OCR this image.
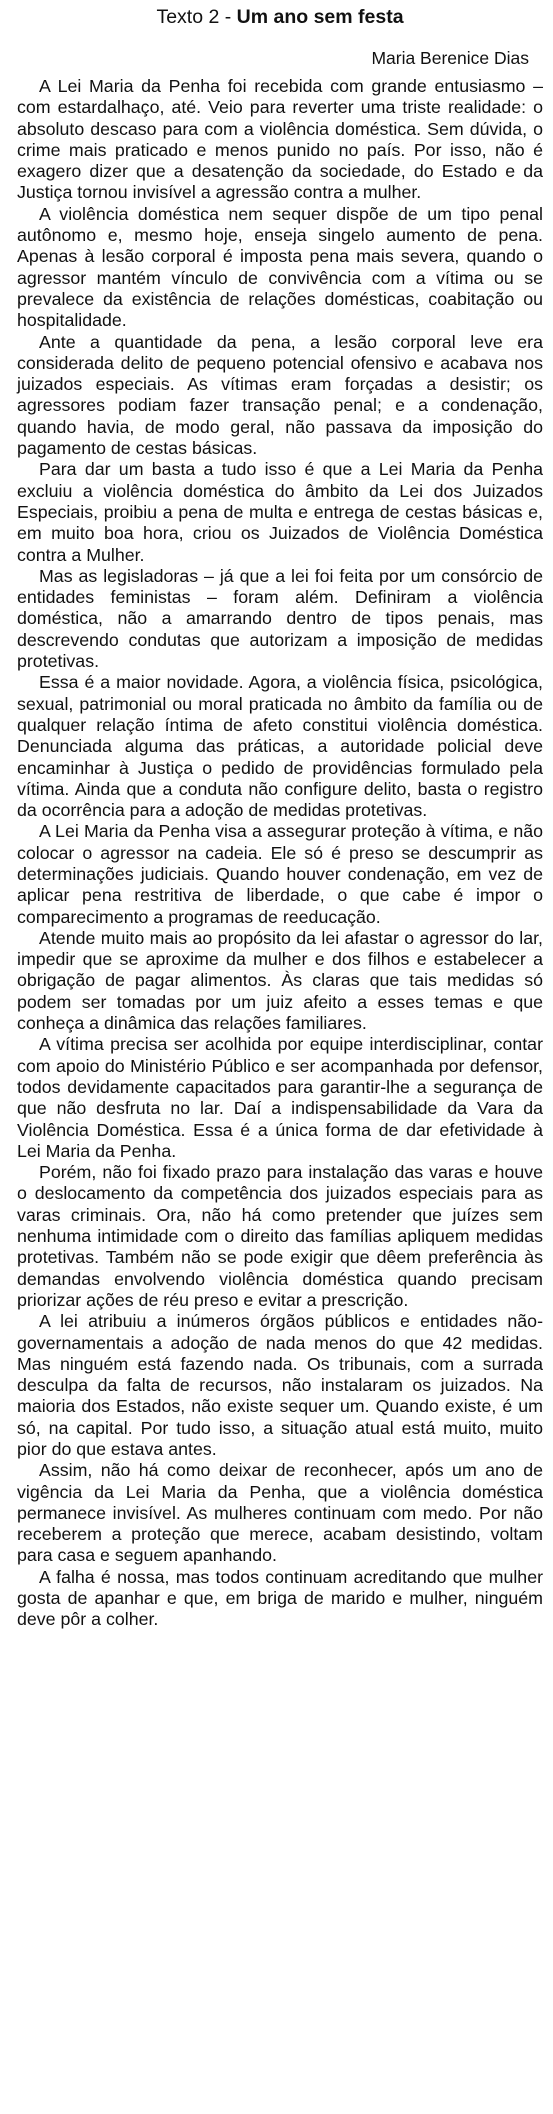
Texto 2 - Um ano sem festa

Maria Berenice Dias

A Lei Maria da Penha foi recebida com grande entusiasmo – com estardalhaço, até. Veio para reverter uma triste realidade: o absoluto descaso para com a violência doméstica. Sem dúvida, o crime mais praticado e menos punido no país. Por isso, não é exagero dizer que a desatenção da sociedade, do Estado e da Justiça tornou invisível a agressão contra a mulher.

A violência doméstica nem sequer dispõe de um tipo penal autônomo e, mesmo hoje, enseja singelo aumento de pena. Apenas à lesão corporal é imposta pena mais severa, quando o agressor mantém vínculo de convivência com a vítima ou se prevalece da existência de relações domésticas, coabitação ou hospitalidade.

Ante a quantidade da pena, a lesão corporal leve era considerada delito de pequeno potencial ofensivo e acabava nos juizados especiais. As vítimas eram forçadas a desistir; os agressores podiam fazer transação penal; e a condenação, quando havia, de modo geral, não passava da imposição do pagamento de cestas básicas.

Para dar um basta a tudo isso é que a Lei Maria da Penha excluiu a violência doméstica do âmbito da Lei dos Juizados Especiais, proibiu a pena de multa e entrega de cestas básicas e, em muito boa hora, criou os Juizados de Violência Doméstica contra a Mulher.

Mas as legisladoras – já que a lei foi feita por um consórcio de entidades feministas – foram além. Definiram a violência doméstica, não a amarrando dentro de tipos penais, mas descrevendo condutas que autorizam a imposição de medidas protetivas.

Essa é a maior novidade. Agora, a violência física, psicológica, sexual, patrimonial ou moral praticada no âmbito da família ou de qualquer relação íntima de afeto constitui violência doméstica. Denunciada alguma das práticas, a autoridade policial deve encaminhar à Justiça o pedido de providências formulado pela vítima. Ainda que a conduta não configure delito, basta o registro da ocorrência para a adoção de medidas protetivas.

A Lei Maria da Penha visa a assegurar proteção à vítima, e não colocar o agressor na cadeia. Ele só é preso se descumprir as determinações judiciais. Quando houver condenação, em vez de aplicar pena restritiva de liberdade, o que cabe é impor o comparecimento a programas de reeducação.

Atende muito mais ao propósito da lei afastar o agressor do lar, impedir que se aproxime da mulher e dos filhos e estabelecer a obrigação de pagar alimentos. Às claras que tais medidas só podem ser tomadas por um juiz afeito a esses temas e que conheça a dinâmica das relações familiares.

A vítima precisa ser acolhida por equipe interdisciplinar, contar com apoio do Ministério Público e ser acompanhada por defensor, todos devidamente capacitados para garantir-lhe a segurança de que não desfruta no lar. Daí a indispensabilidade da Vara da Violência Doméstica. Essa é a única forma de dar efetividade à Lei Maria da Penha.

Porém, não foi fixado prazo para instalação das varas e houve o deslocamento da competência dos juizados especiais para as varas criminais. Ora, não há como pretender que juízes sem nenhuma intimidade com o direito das famílias apliquem medidas protetivas. Também não se pode exigir que dêem preferência às demandas envolvendo violência doméstica quando precisam priorizar ações de réu preso e evitar a prescrição.

A lei atribuiu a inúmeros órgãos públicos e entidades não-governamentais a adoção de nada menos do que 42 medidas. Mas ninguém está fazendo nada. Os tribunais, com a surrada desculpa da falta de recursos, não instalaram os juizados. Na maioria dos Estados, não existe sequer um. Quando existe, é um só, na capital. Por tudo isso, a situação atual está muito, muito pior do que estava antes.

Assim, não há como deixar de reconhecer, após um ano de vigência da Lei Maria da Penha, que a violência doméstica permanece invisível. As mulheres continuam com medo. Por não receberem a proteção que merece, acabam desistindo, voltam para casa e seguem apanhando.

A falha é nossa, mas todos continuam acreditando que mulher gosta de apanhar e que, em briga de marido e mulher, ninguém deve pôr a colher.
